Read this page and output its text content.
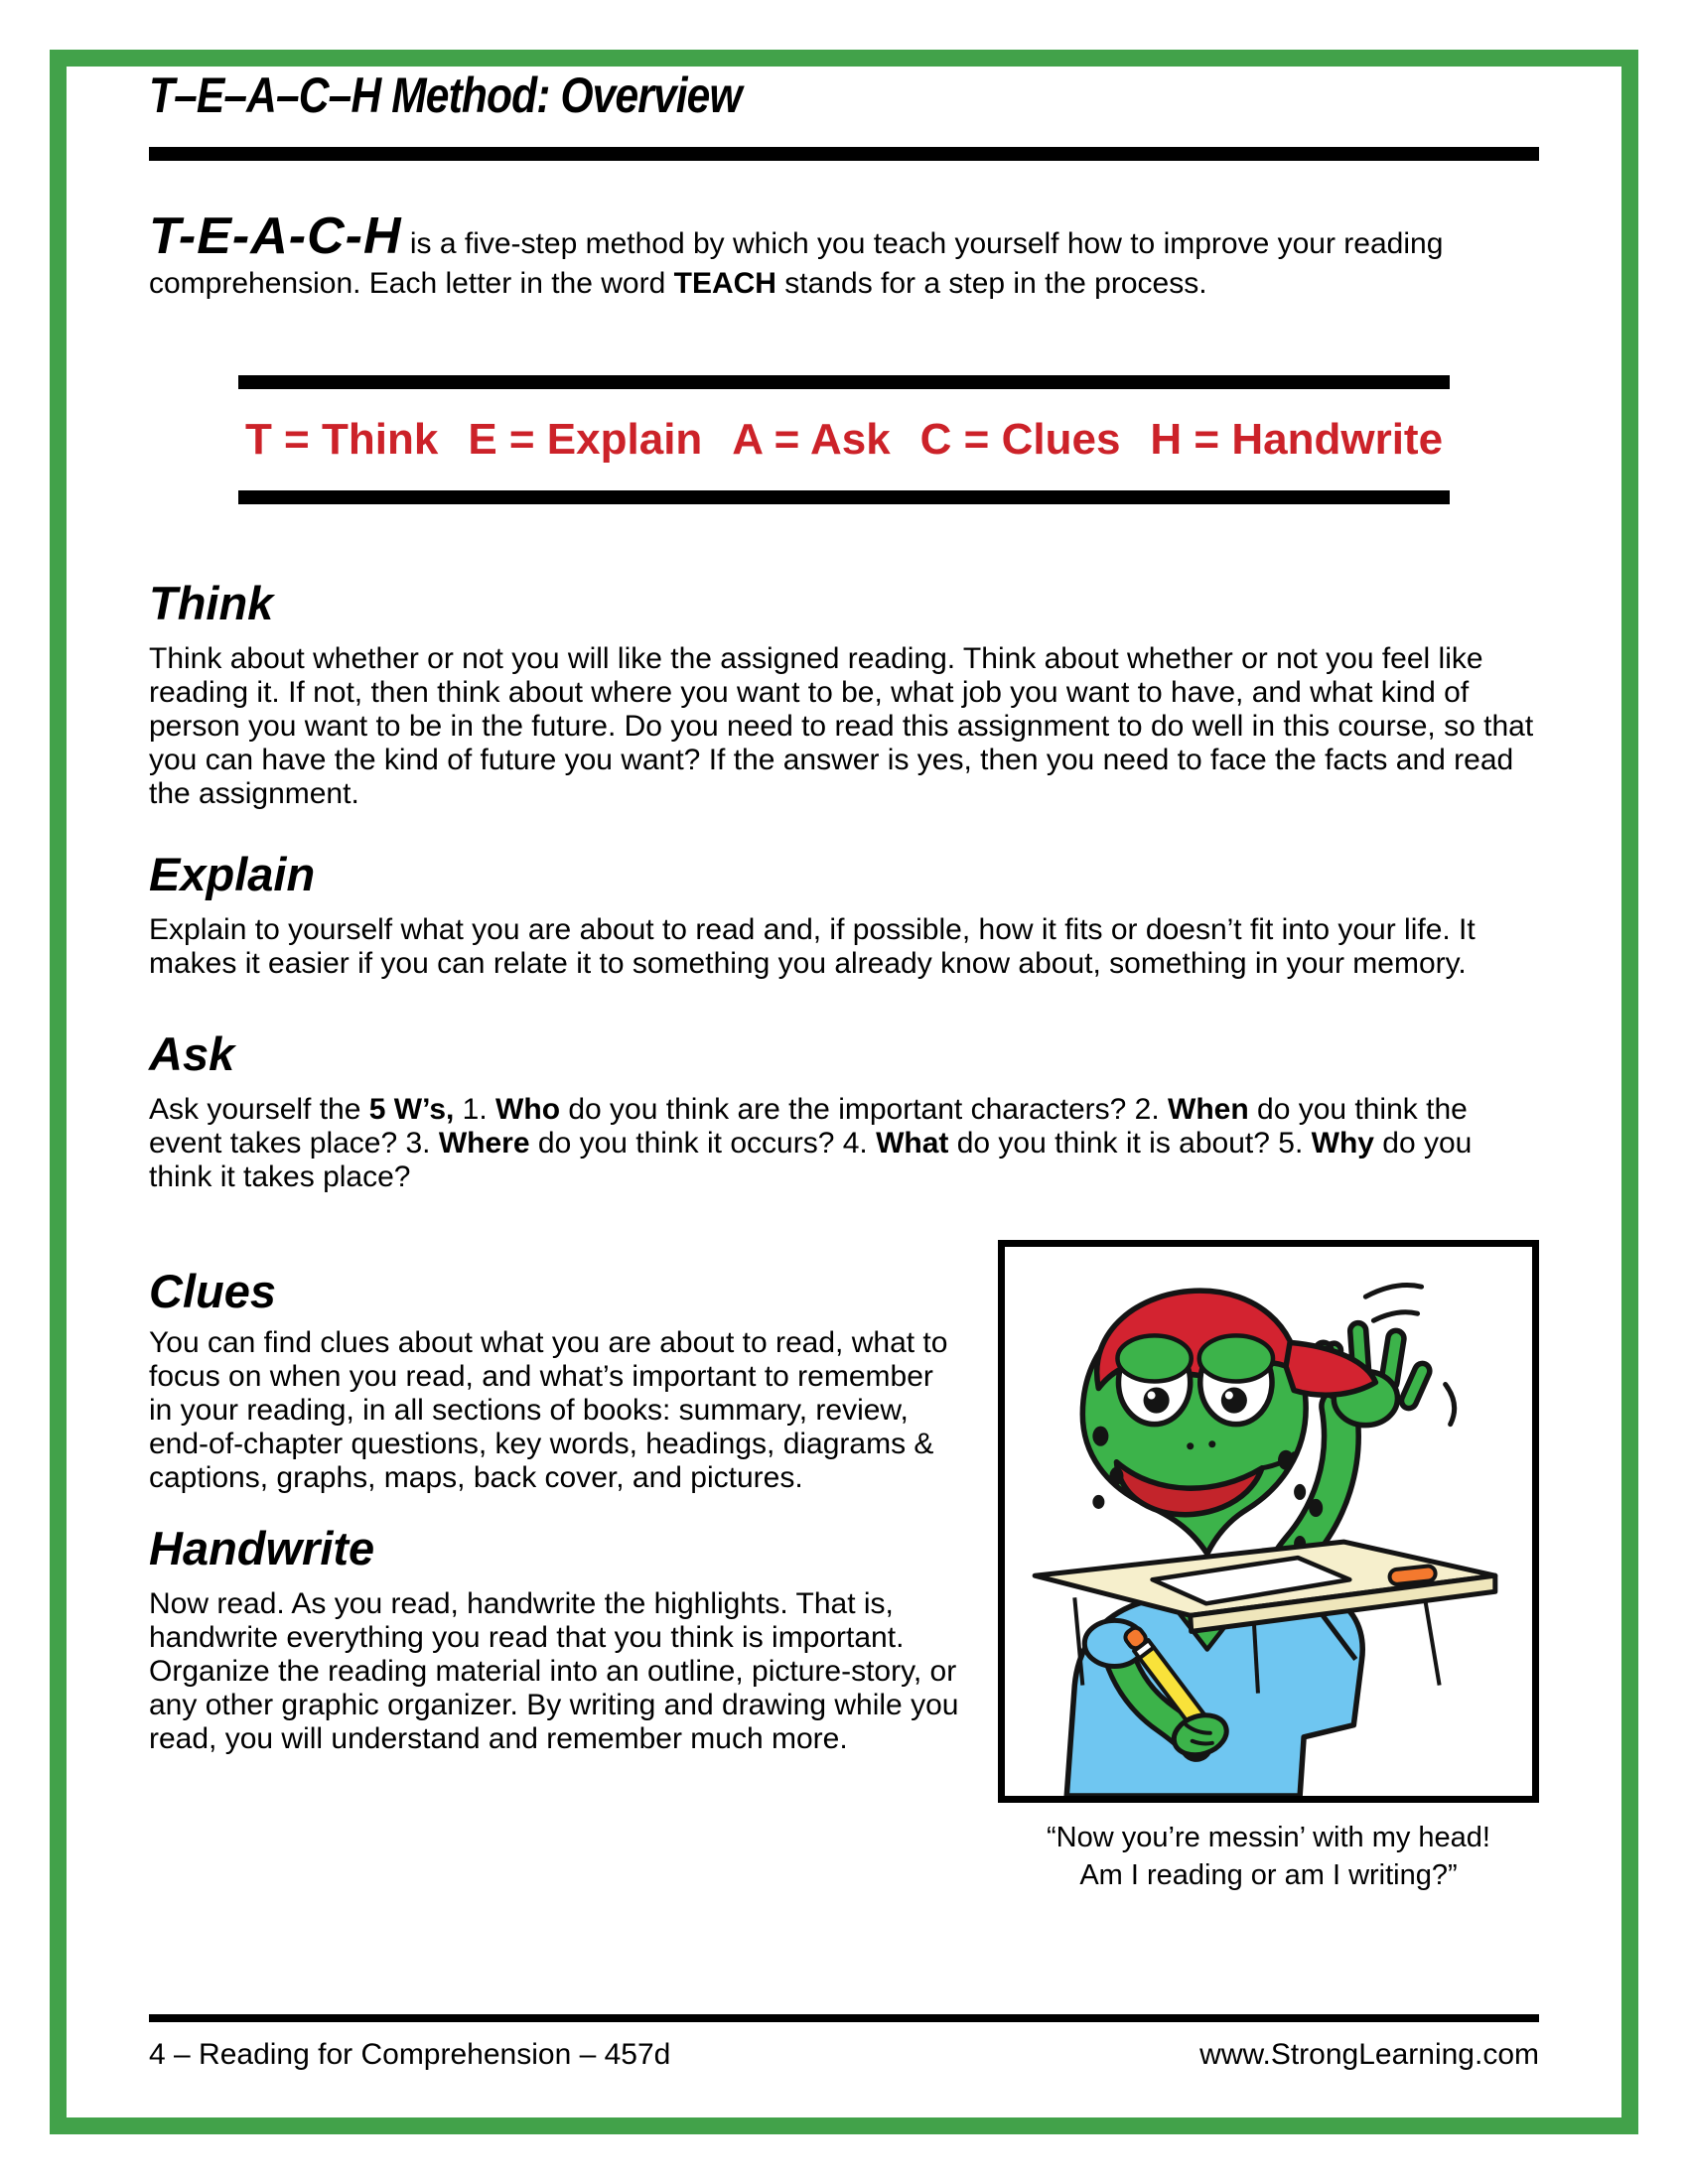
T–E–A–C–H Method: Overview

T-E-A-C-H is a five-step method by which you teach yourself how to improve your reading comprehension. Each letter in the word TEACH stands for a step in the process.

T = Think E = Explain A = Ask C = Clues H = Handwrite
Think

Think about whether or not you will like the assigned reading. Think about whether or not you feel like reading it. If not, then think about where you want to be, what job you want to have, and what kind of person you want to be in the future. Do you need to read this assignment to do well in this course, so that you can have the kind of future you want? If the answer is yes, then you need to face the facts and read the assignment.

Explain

Explain to yourself what you are about to read and, if possible, how it fits or doesn’t fit into your life. It makes it easier if you can relate it to something you already know about, something in your memory.

Ask

Ask yourself the 5 W’s, 1. Who do you think are the important characters? 2. When do you think the event takes place? 3. Where do you think it occurs? 4. What do you think it is about? 5. Why do you think it takes place?

Clues

You can find clues about what you are about to read, what to focus on when you read, and what’s important to remember in your reading, in all sections of books: summary, review, end-of-chapter questions, key words, headings, diagrams & captions, graphs, maps, back cover, and pictures.

Handwrite

Now read. As you read, handwrite the highlights. That is, handwrite everything you read that you think is important. Organize the reading material into an outline, picture-story, or any other graphic organizer. By writing and drawing while you read, you will understand and remember much more.

“Now you’re messin’ with my head!
Am I reading or am I writing?”

4 – Reading for Comprehension – 457d	www.StrongLearning.com
